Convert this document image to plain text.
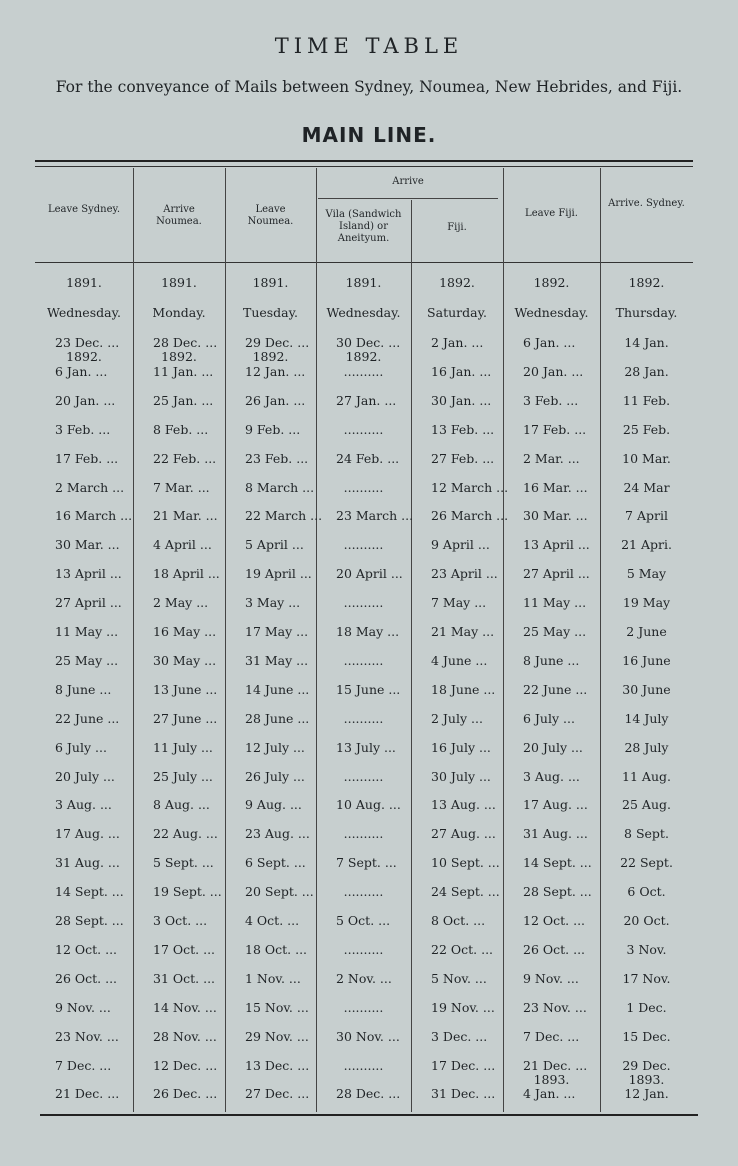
TIME TABLE
For the conveyance of Mails between Sydney, Noumea, New Hebrides, and Fiji.
MAIN LINE.
Leave Sydney.	Arrive Noumea.
Leave Noumea.
Vila (Sandwich Island) or Aneityum.
Fiji.
Leave Fiji.
Arrive. Sydney.
Arrive
1891.	1891.	1891.	1891.	1892.	1892.	1892.
Wednesday.	Monday.	Tuesday.	Wednesday.	Saturday.	Wednesday.	Thursday.
23 Dec. ...	28 Dec. ...	29 Dec. ...	30 Dec. ...	2 Jan. ...	6 Jan. ...	14 Jan.
6 Jan. ...	11 Jan. ...	12 Jan. ...	..........	16 Jan. ...	20 Jan. ...	28 Jan.
20 Jan. ...	25 Jan. ...	26 Jan. ...	27 Jan. ...	30 Jan. ...	3 Feb. ...	11 Feb.
3 Feb. ...	8 Feb. ...	9 Feb. ...	..........	13 Feb. ...	17 Feb. ...	25 Feb.
17 Feb. ...	22 Feb. ...	23 Feb. ...	24 Feb. ...	27 Feb. ...	2 Mar. ...	10 Mar.
2 March ...	7 Mar. ...	8 March ...	..........	12 March ...	16 Mar. ...	24 Mar
16 March ...	21 Mar. ...	22 March ...	23 March ...	26 March ...	30 Mar. ...	7 April
30 Mar. ...	4 April ...	5 April ...	..........	9 April ...	13 April ...	21 Apri.
13 April ...	18 April ...	19 April ...	20 April ...	23 April ...	27 April ...	5 May
27 April ...	2 May ...	3 May ...	..........	7 May ...	11 May ...	19 May
11 May ...	16 May ...	17 May ...	18 May ...	21 May ...	25 May ...	2 June
25 May ...	30 May ...	31 May ...	..........	4 June ...	8 June ...	16 June
8 June ...	13 June ...	14 June ...	15 June ...	18 June ...	22 June ...	30 June
22 June ...	27 June ...	28 June ...	..........	2 July ...	6 July ...	14 July
6 July ...	11 July ...	12 July ...	13 July ...	16 July ...	20 July ...	28 July
20 July ...	25 July ...	26 July ...	..........	30 July ...	3 Aug. ...	11 Aug.
3 Aug. ...	8 Aug. ...	9 Aug. ...	10 Aug. ...	13 Aug. ...	17 Aug. ...	25 Aug.
17 Aug. ...	22 Aug. ...	23 Aug. ...	..........	27 Aug. ...	31 Aug. ...	8 Sept.
31 Aug. ...	5 Sept. ...	6 Sept. ...	7 Sept. ...	10 Sept. ...	14 Sept. ...	22 Sept.
14 Sept. ...	19 Sept. ...	20 Sept. ...	..........	24 Sept. ...	28 Sept. ...	6 Oct.
28 Sept. ...	3 Oct. ...	4 Oct. ...	5 Oct. ...	8 Oct. ...	12 Oct. ...	20 Oct.
12 Oct. ...	17 Oct. ...	18 Oct. ...	..........	22 Oct. ...	26 Oct. ...	3 Nov.
26 Oct. ...	31 Oct. ...	1 Nov. ...	2 Nov. ...	5 Nov. ...	9 Nov. ...	17 Nov.
9 Nov. ...	14 Nov. ...	15 Nov. ...	..........	19 Nov. ...	23 Nov. ...	1 Dec.
23 Nov. ...	28 Nov. ...	29 Nov. ...	30 Nov. ...	3 Dec. ...	7 Dec. ...	15 Dec.
7 Dec. ...	12 Dec. ...	13 Dec. ...	..........	17 Dec. ...	21 Dec. ...	29 Dec.
21 Dec. ...	26 Dec. ...	27 Dec. ...	28 Dec. ...	31 Dec. ...	4 Jan. ...	12 Jan.
1892.	1892.	1892.	1892.
1893.	1893.
